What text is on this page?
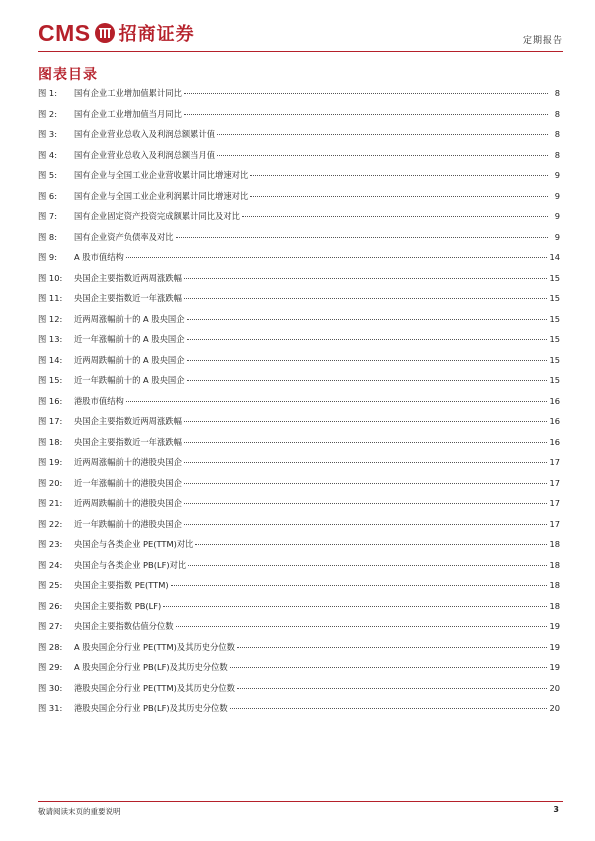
CMS 招商证券	定期报告
图表目录
图 1:	国有企业工业增加值累计同比	8
图 2:	国有企业工业增加值当月同比	8
图 3:	国有企业营业总收入及利润总额累计值	8
图 4:	国有企业营业总收入及利润总额当月值	8
图 5:	国有企业与全国工业企业营收累计同比增速对比	9
图 6:	国有企业与全国工业企业利润累计同比增速对比	9
图 7:	国有企业固定资产投资完成额累计同比及对比	9
图 8:	国有企业资产负债率及对比	9
图 9:	A 股市值结构	14
图 10:	央国企主要指数近两周涨跌幅	15
图 11:	央国企主要指数近一年涨跌幅	15
图 12:	近两周涨幅前十的 A 股央国企	15
图 13:	近一年涨幅前十的 A 股央国企	15
图 14:	近两周跌幅前十的 A 股央国企	15
图 15:	近一年跌幅前十的 A 股央国企	15
图 16:	港股市值结构	16
图 17:	央国企主要指数近两周涨跌幅	16
图 18:	央国企主要指数近一年涨跌幅	16
图 19:	近两周涨幅前十的港股央国企	17
图 20:	近一年涨幅前十的港股央国企	17
图 21:	近两周跌幅前十的港股央国企	17
图 22:	近一年跌幅前十的港股央国企	17
图 23:	央国企与各类企业 PE(TTM)对比	18
图 24:	央国企与各类企业 PB(LF)对比	18
图 25:	央国企主要指数 PE(TTM)	18
图 26:	央国企主要指数 PB(LF)	18
图 27:	央国企主要指数估值分位数	19
图 28:	A 股央国企分行业 PE(TTM)及其历史分位数	19
图 29:	A 股央国企分行业 PB(LF)及其历史分位数	19
图 30:	港股央国企分行业 PE(TTM)及其历史分位数	20
图 31:	港股央国企分行业 PB(LF)及其历史分位数	20
敬请阅读末页的重要说明	3
